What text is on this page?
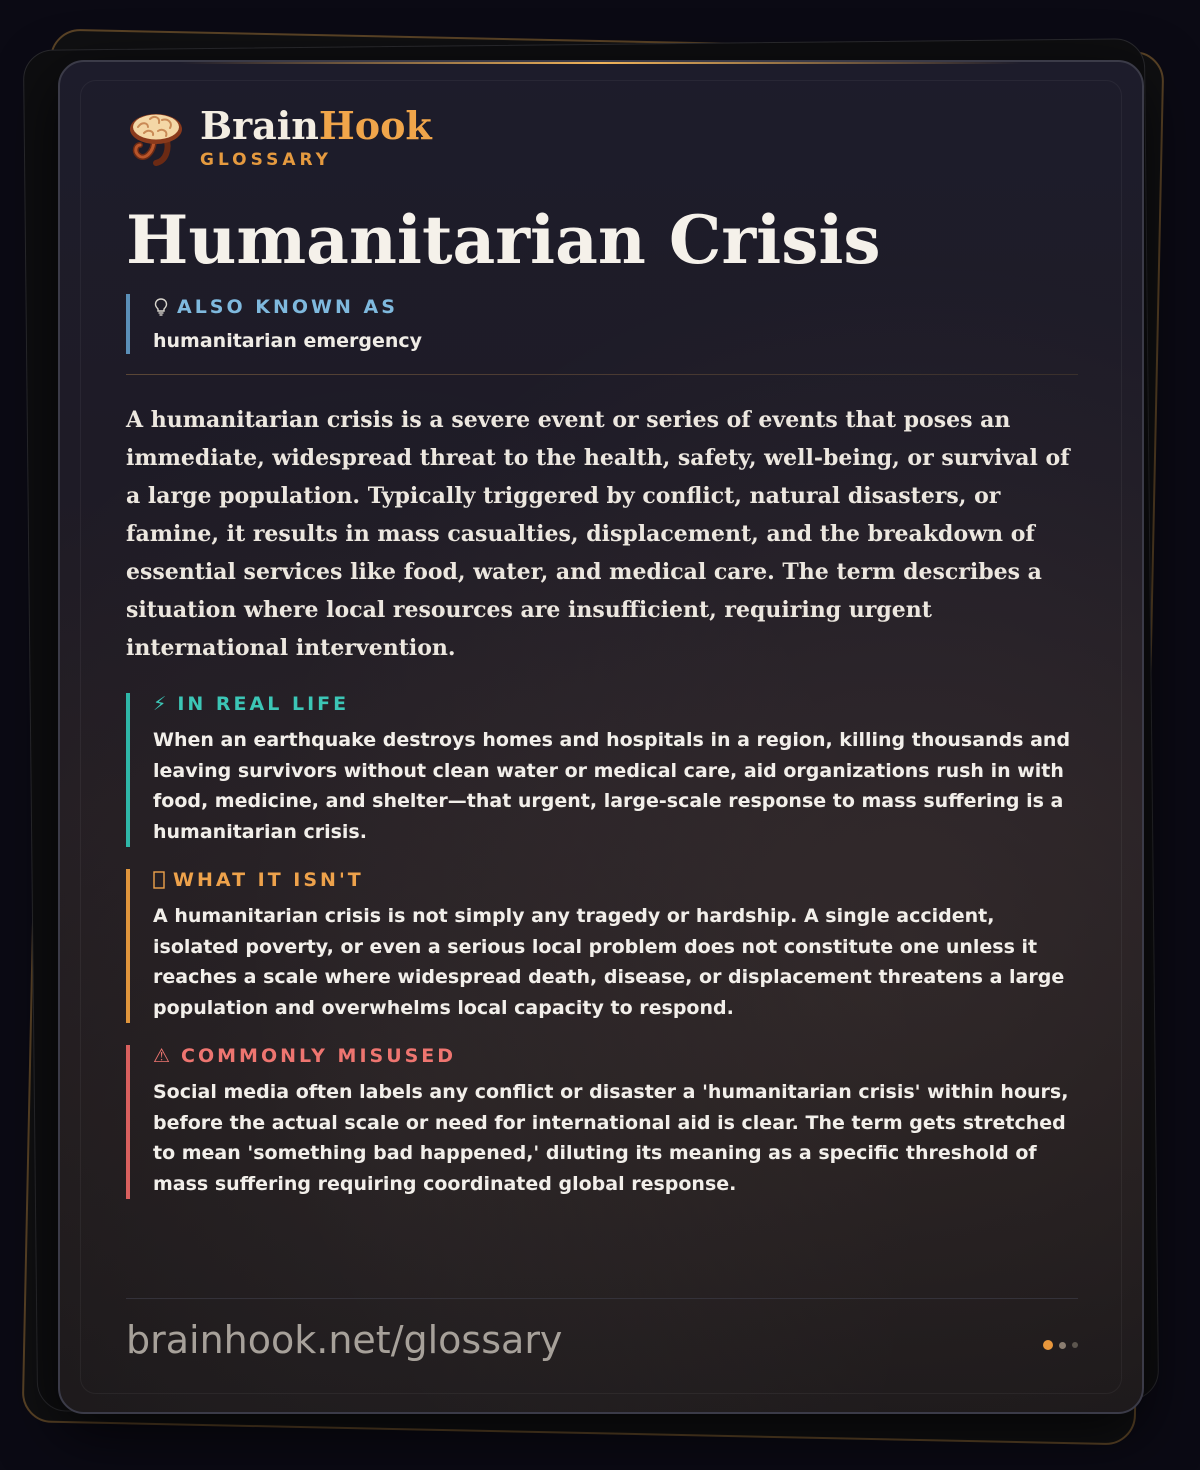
BrainHook
GLOSSARY
Humanitarian Crisis
ALSO KNOWN AS
humanitarian emergency

A humanitarian crisis is a severe event or series of events that poses an immediate, widespread threat to the health, safety, well-being, or survival of a large population. Typically triggered by conflict, natural disasters, or famine, it results in mass casualties, displacement, and the breakdown of essential services like food, water, and medical care. The term describes a situation where local resources are insufficient, requiring urgent international intervention.

⚡ IN REAL LIFE
When an earthquake destroys homes and hospitals in a region, killing thousands and leaving survivors without clean water or medical care, aid organizations rush in with food, medicine, and shelter—that urgent, large-scale response to mass suffering is a humanitarian crisis.
WHAT IT ISN'T
A humanitarian crisis is not simply any tragedy or hardship. A single accident, isolated poverty, or even a serious local problem does not constitute one unless it reaches a scale where widespread death, disease, or displacement threatens a large population and overwhelms local capacity to respond.
⚠ COMMONLY MISUSED
Social media often labels any conflict or disaster a 'humanitarian crisis' within hours, before the actual scale or need for international aid is clear. The term gets stretched to mean 'something bad happened,' diluting its meaning as a specific threshold of mass suffering requiring coordinated global response.
brainhook.net/glossary
